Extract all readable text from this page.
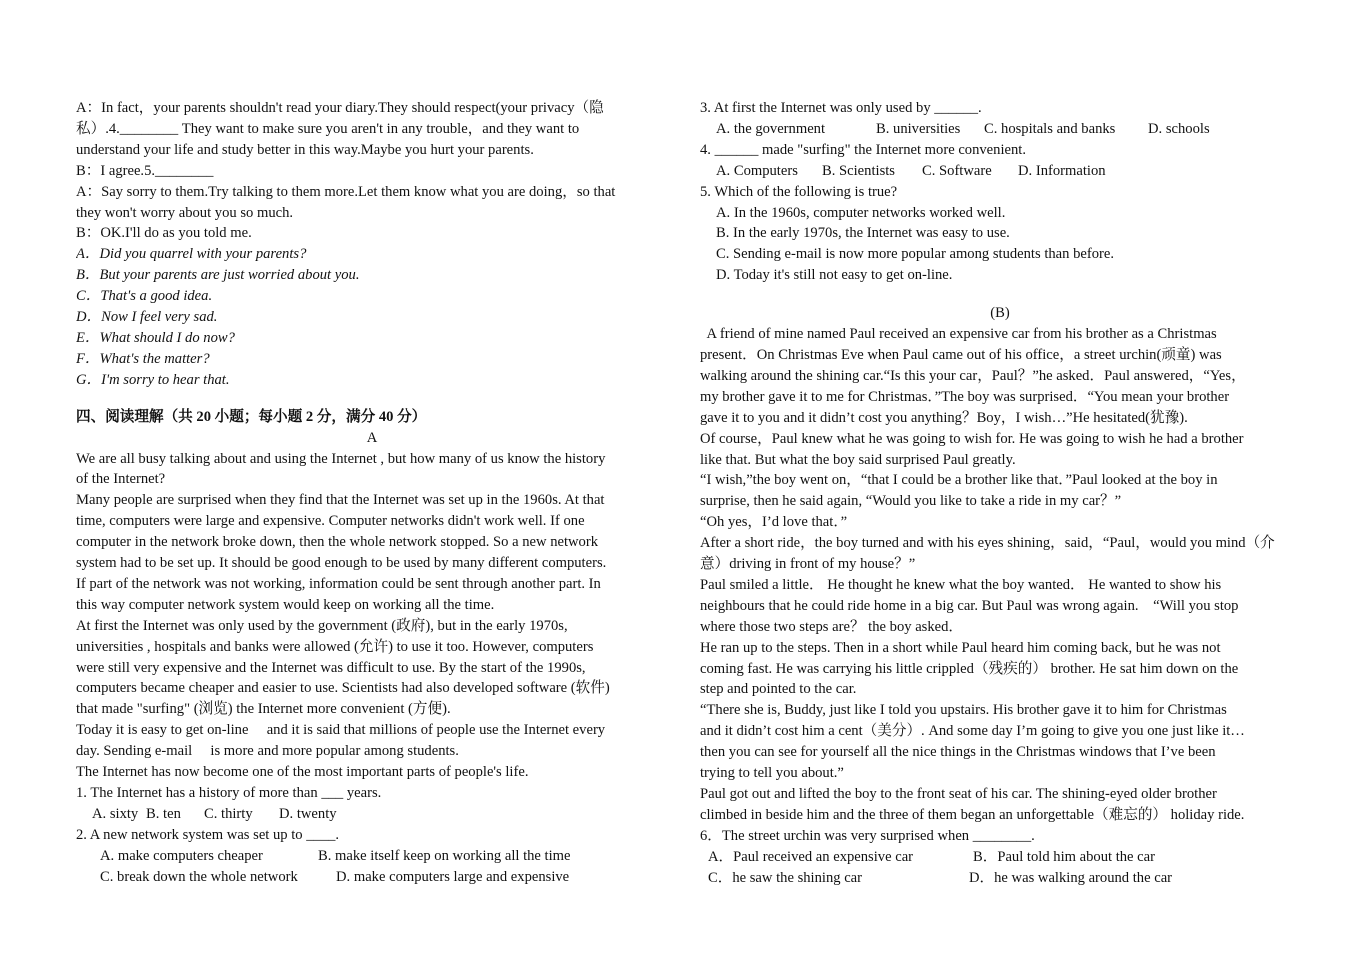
A：In fact，your parents shouldn't read your diary.They should respect(your privacy（隐
私）.4.________ They want to make sure you aren't in any trouble，and they want to
understand your life and study better in this way.Maybe you hurt your parents.
B：I agree.5.________
A：Say sorry to them.Try talking to them more.Let them know what you are doing，so that
they won't worry about you so much.
B：OK.I'll do as you told me.
A．Did you quarrel with your parents?
B．But your parents are just worried about you.
C．That's a good idea.
D．Now I feel very sad.
E．What should I do now?
F．What's the matter?
G．I'm sorry to hear that.
四、阅读理解（共 20 小题；每小题 2 分，满分 40 分）
A
We are all busy talking about and using the Internet , but how many of us know the history
of the Internet?
Many people are surprised when they find that the Internet was set up in the 1960s. At that
time, computers were large and expensive. Computer networks didn't work well. If one
computer in the network broke down, then the whole network stopped. So a new network
system had to be set up. It should be good enough to be used by many different computers.
If part of the network was not working, information could be sent through another part. In
this way computer network system would keep on working all the time.
At first the Internet was only used by the government (政府), but in the early 1970s,
universities , hospitals and banks were allowed (允许) to use it too. However, computers
were still very expensive and the Internet was difficult to use. By the start of the 1990s,
computers became cheaper and easier to use. Scientists had also developed software (软件)
that made "surfing" (浏览) the Internet more convenient (方便).
Today it is easy to get on-line　 and it is said that millions of people use the Internet every
day. Sending e-mail　 is more and more popular among students.
The Internet has now become one of the most important parts of people's life.
1. The Internet has a history of more than ___ years.
A. sixty B. ten C. thirty D. twenty
2. A new network system was set up to ____.
A. make computers cheaper	B. make itself keep on working all the time
C. break down the whole network	D. make computers large and expensive
3. At first the Internet was only used by ______.
A. the government	B. universities C. hospitals and banks D. schools
4. ______ made "surfing" the Internet more convenient.
A. Computers B. Scientists C. Software D. Information
5. Which of the following is true?
A. In the 1960s, computer networks worked well.
B. In the early 1970s, the Internet was easy to use.
C. Sending e-mail is now more popular among students than before.
D. Today it's still not easy to get on-line.
(B)
A friend of mine named Paul received an expensive car from his brother as a Christmas
present．On Christmas Eve when Paul came out of his office，a street urchin(顽童) was
walking around the shining car.“Is this your car，Paul？”he asked．Paul answered，“Yes，
my brother gave it to me for Christmas．”The boy was surprised．“You mean your brother
gave it to you and it didn’t cost you anything？Boy，I wish…”He hesitated(犹豫).
Of course，Paul knew what he was going to wish for. He was going to wish he had a brother
like that. But what the boy said surprised Paul greatly.
“I wish,”the boy went on，“that I could be a brother like that．”Paul looked at the boy in
surprise, then he said again, “Would you like to take a ride in my car？”
“Oh yes，I’d love that．”
After a short ride，the boy turned and with his eyes shining，said，“Paul，would you mind（介
意）driving in front of my house？”
Paul smiled a little． He thought he knew what the boy wanted． He wanted to show his
neighbours that he could ride home in a big car. But Paul was wrong again.　“Will you stop
where those two steps are？ the boy asked．
He ran up to the steps. Then in a short while Paul heard him coming back, but he was not
coming fast. He was carrying his little crippled（残疾的） brother. He sat him down on the
step and pointed to the car.
“There she is, Buddy, just like I told you upstairs. His brother gave it to him for Christmas
and it didn’t cost him a cent（美分）. And some day I’m going to give you one just like it…
then you can see for yourself all the nice things in the Christmas windows that I’ve been
trying to tell you about.”
Paul got out and lifted the boy to the front seat of his car. The shining-eyed older brother
climbed in beside him and the three of them began an unforgettable（难忘的） holiday ride.
6．The street urchin was very surprised when ________.
A．Paul received an expensive car	B．Paul told him about the car
C．he saw the shining car	D．he was walking around the car
